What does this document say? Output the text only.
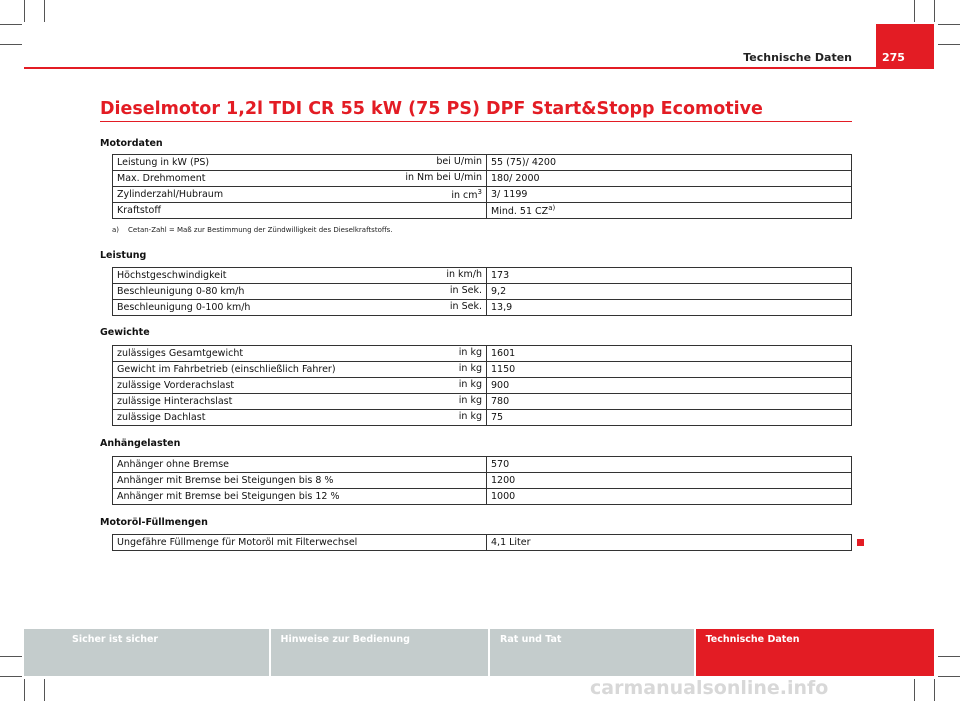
Technische Daten	275
Dieselmotor 1,2l TDI CR 55 kW (75 PS) DPF Start&Stopp Ecomotive
Motordaten
Leistung in kW (PS) bei U/min	55 (75)/ 4200
Max. Drehmoment in Nm bei U/min	180/ 2000
Zylinderzahl/Hubraum in $cm^3$	3/ 1199
Kraftstoff	Mind. 51 CZ$^{a)}$
a) Cetan-Zahl = Maß zur Bestimmung der Zündwilligkeit des Dieselkraftstoffs.
Leistung
Höchstgeschwindigkeit in km/h	173
Beschleunigung 0-80 km/h in Sek.	9,2
Beschleunigung 0-100 km/h in Sek.	13,9
Gewichte
zulässiges Gesamtgewicht in kg	1601
Gewicht im Fahrbetrieb (einschließlich Fahrer) in kg	1150
zulässige Vorderachslast in kg	900
zulässige Hinterachslast in kg	780
zulässige Dachlast in kg	75
Anhängelasten
Anhänger ohne Bremse	570
Anhänger mit Bremse bei Steigungen bis 8 %	1200
Anhänger mit Bremse bei Steigungen bis 12 %	1000
Motoröl-Füllmengen
Ungefähre Füllmenge für Motoröl mit Filterwechsel	4,1 Liter
Sicher ist sicher	Hinweise zur Bedienung	Rat und Tat	Technische Daten
carmanualsonline.info
